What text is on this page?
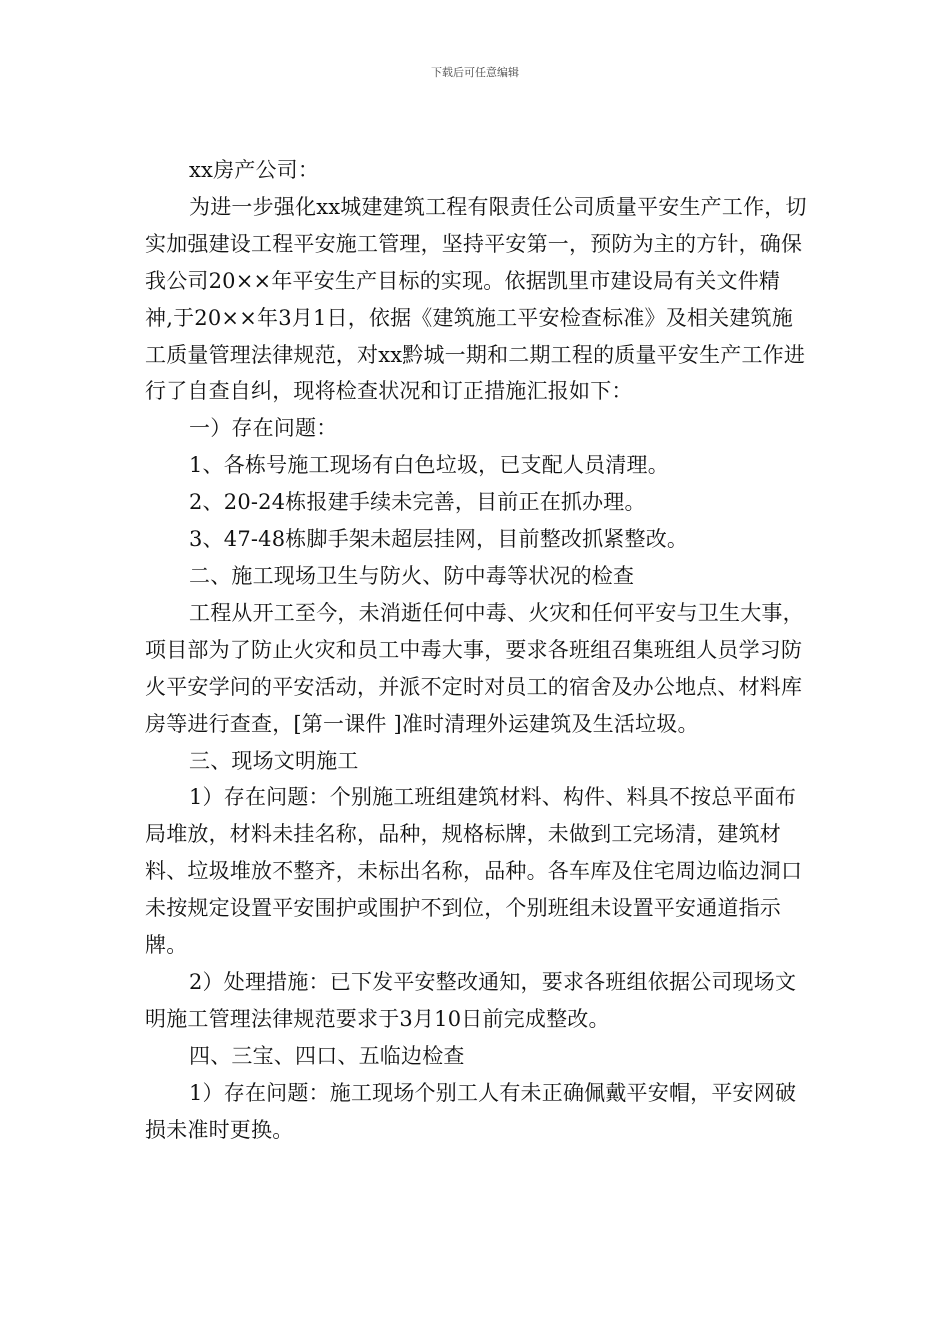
下载后可任意编辑

xx房产公司：

为进一步强化xx城建建筑工程有限责任公司质量平安生产工作，切实加强建设工程平安施工管理，坚持平安第一，预防为主的方针，确保我公司20××年平安生产目标的实现。依据凯里市建设局有关文件精神,于20××年3月1日，依据《建筑施工平安检查标准》及相关建筑施工质量管理法律规范，对xx黔城一期和二期工程的质量平安生产工作进行了自查自纠，现将检查状况和订正措施汇报如下：

一）存在问题：

1、各栋号施工现场有白色垃圾，已支配人员清理。

2、20-24栋报建手续未完善，目前正在抓办理。

3、47-48栋脚手架未超层挂网，目前整改抓紧整改。

二、施工现场卫生与防火、防中毒等状况的检查

工程从开工至今，未消逝任何中毒、火灾和任何平安与卫生大事，项目部为了防止火灾和员工中毒大事，要求各班组召集班组人员学习防火平安学问的平安活动，并派不定时对员工的宿舍及办公地点、材料库房等进行查查，[第一课件 ]准时清理外运建筑及生活垃圾。

三、现场文明施工

1）存在问题：个别施工班组建筑材料、构件、料具不按总平面布局堆放，材料未挂名称，品种，规格标牌，未做到工完场清，建筑材料、垃圾堆放不整齐，未标出名称，品种。各车库及住宅周边临边洞口未按规定设置平安围护或围护不到位，个别班组未设置平安通道指示牌。

2）处理措施：已下发平安整改通知，要求各班组依据公司现场文明施工管理法律规范要求于3月10日前完成整改。

四、三宝、四口、五临边检查

1）存在问题：施工现场个别工人有未正确佩戴平安帽，平安网破损未准时更换。
